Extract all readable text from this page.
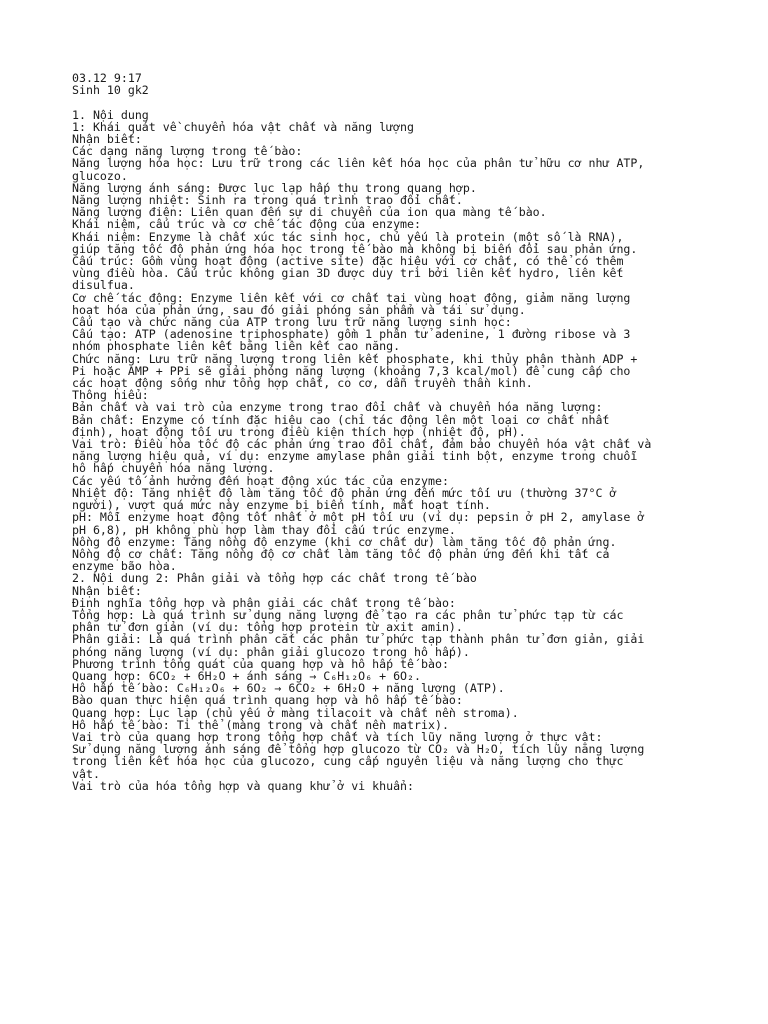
03.12 9:17
Sinh 10 gk2
1. Nội dung
1: Khái quát về chuyển hóa vật chất và năng lượng
Nhận biết:
Các dạng năng lượng trong tế bào:
Năng lượng hóa học: Lưu trữ trong các liên kết hóa học của phân tử hữu cơ như ATP,
glucozo.
Năng lượng ánh sáng: Được lục lạp hấp thụ trong quang hợp.
Năng lượng nhiệt: Sinh ra trong quá trình trao đổi chất.
Năng lượng điện: Liên quan đến sự di chuyển của ion qua màng tế bào.
Khái niệm, cấu trúc và cơ chế tác động của enzyme:
Khái niệm: Enzyme là chất xúc tác sinh học, chủ yếu là protein (một số là RNA),
giúp tăng tốc độ phản ứng hóa học trong tế bào mà không bị biến đổi sau phản ứng.
Cấu trúc: Gồm vùng hoạt động (active site) đặc hiệu với cơ chất, có thể có thêm
vùng điều hòa. Cấu trúc không gian 3D được duy trì bởi liên kết hydro, liên kết
disulfua.
Cơ chế tác động: Enzyme liên kết với cơ chất tại vùng hoạt động, giảm năng lượng
hoạt hóa của phản ứng, sau đó giải phóng sản phẩm và tái sử dụng.
Cấu tạo và chức năng của ATP trong lưu trữ năng lượng sinh học:
Cấu tạo: ATP (adenosine triphosphate) gồm 1 phân tử adenine, 1 đường ribose và 3
nhóm phosphate liên kết bằng liên kết cao năng.
Chức năng: Lưu trữ năng lượng trong liên kết phosphate, khi thủy phân thành ADP +
Pi hoặc AMP + PPi sẽ giải phóng năng lượng (khoảng 7,3 kcal/mol) để cung cấp cho
các hoạt động sống như tổng hợp chất, co cơ, dẫn truyền thần kinh.
Thông hiểu:
Bản chất và vai trò của enzyme trong trao đổi chất và chuyển hóa năng lượng:
Bản chất: Enzyme có tính đặc hiệu cao (chỉ tác động lên một loại cơ chất nhất
định), hoạt động tối ưu trong điều kiện thích hợp (nhiệt độ, pH).
Vai trò: Điều hòa tốc độ các phản ứng trao đổi chất, đảm bảo chuyển hóa vật chất và
năng lượng hiệu quả, ví dụ: enzyme amylase phân giải tinh bột, enzyme trong chuỗi
hô hấp chuyển hóa năng lượng.
Các yếu tố ảnh hưởng đến hoạt động xúc tác của enzyme:
Nhiệt độ: Tăng nhiệt độ làm tăng tốc độ phản ứng đến mức tối ưu (thường 37°C ở
người), vượt quá mức này enzyme bị biến tính, mất hoạt tính.
pH: Mỗi enzyme hoạt động tốt nhất ở một pH tối ưu (ví dụ: pepsin ở pH 2, amylase ở
pH 6,8), pH không phù hợp làm thay đổi cấu trúc enzyme.
Nồng độ enzyme: Tăng nồng độ enzyme (khi cơ chất dư) làm tăng tốc độ phản ứng.
Nồng độ cơ chất: Tăng nồng độ cơ chất làm tăng tốc độ phản ứng đến khi tất cả
enzyme bão hòa.
2. Nội dung 2: Phân giải và tổng hợp các chất trong tế bào
Nhận biết:
Định nghĩa tổng hợp và phân giải các chất trong tế bào:
Tổng hợp: Là quá trình sử dụng năng lượng để tạo ra các phân tử phức tạp từ các
phân tử đơn giản (ví dụ: tổng hợp protein từ axit amin).
Phân giải: Là quá trình phân cắt các phân tử phức tạp thành phân tử đơn giản, giải
phóng năng lượng (ví dụ: phân giải glucozo trong hô hấp).
Phương trình tổng quát của quang hợp và hô hấp tế bào:
Quang hợp: 6CO₂ + 6H₂O + ánh sáng → C₆H₁₂O₆ + 6O₂.
Hô hấp tế bào: C₆H₁₂O₆ + 6O₂ → 6CO₂ + 6H₂O + năng lượng (ATP).
Bào quan thực hiện quá trình quang hợp và hô hấp tế bào:
Quang hợp: Lục lạp (chủ yếu ở màng tilacoit và chất nền stroma).
Hô hấp tế bào: Ti thể (màng trong và chất nền matrix).
Vai trò của quang hợp trong tổng hợp chất và tích lũy năng lượng ở thực vật:
Sử dụng năng lượng ánh sáng để tổng hợp glucozo từ CO₂ và H₂O, tích lũy năng lượng
trong liên kết hóa học của glucozo, cung cấp nguyên liệu và năng lượng cho thực
vật.
Vai trò của hóa tổng hợp và quang khử ở vi khuẩn:
